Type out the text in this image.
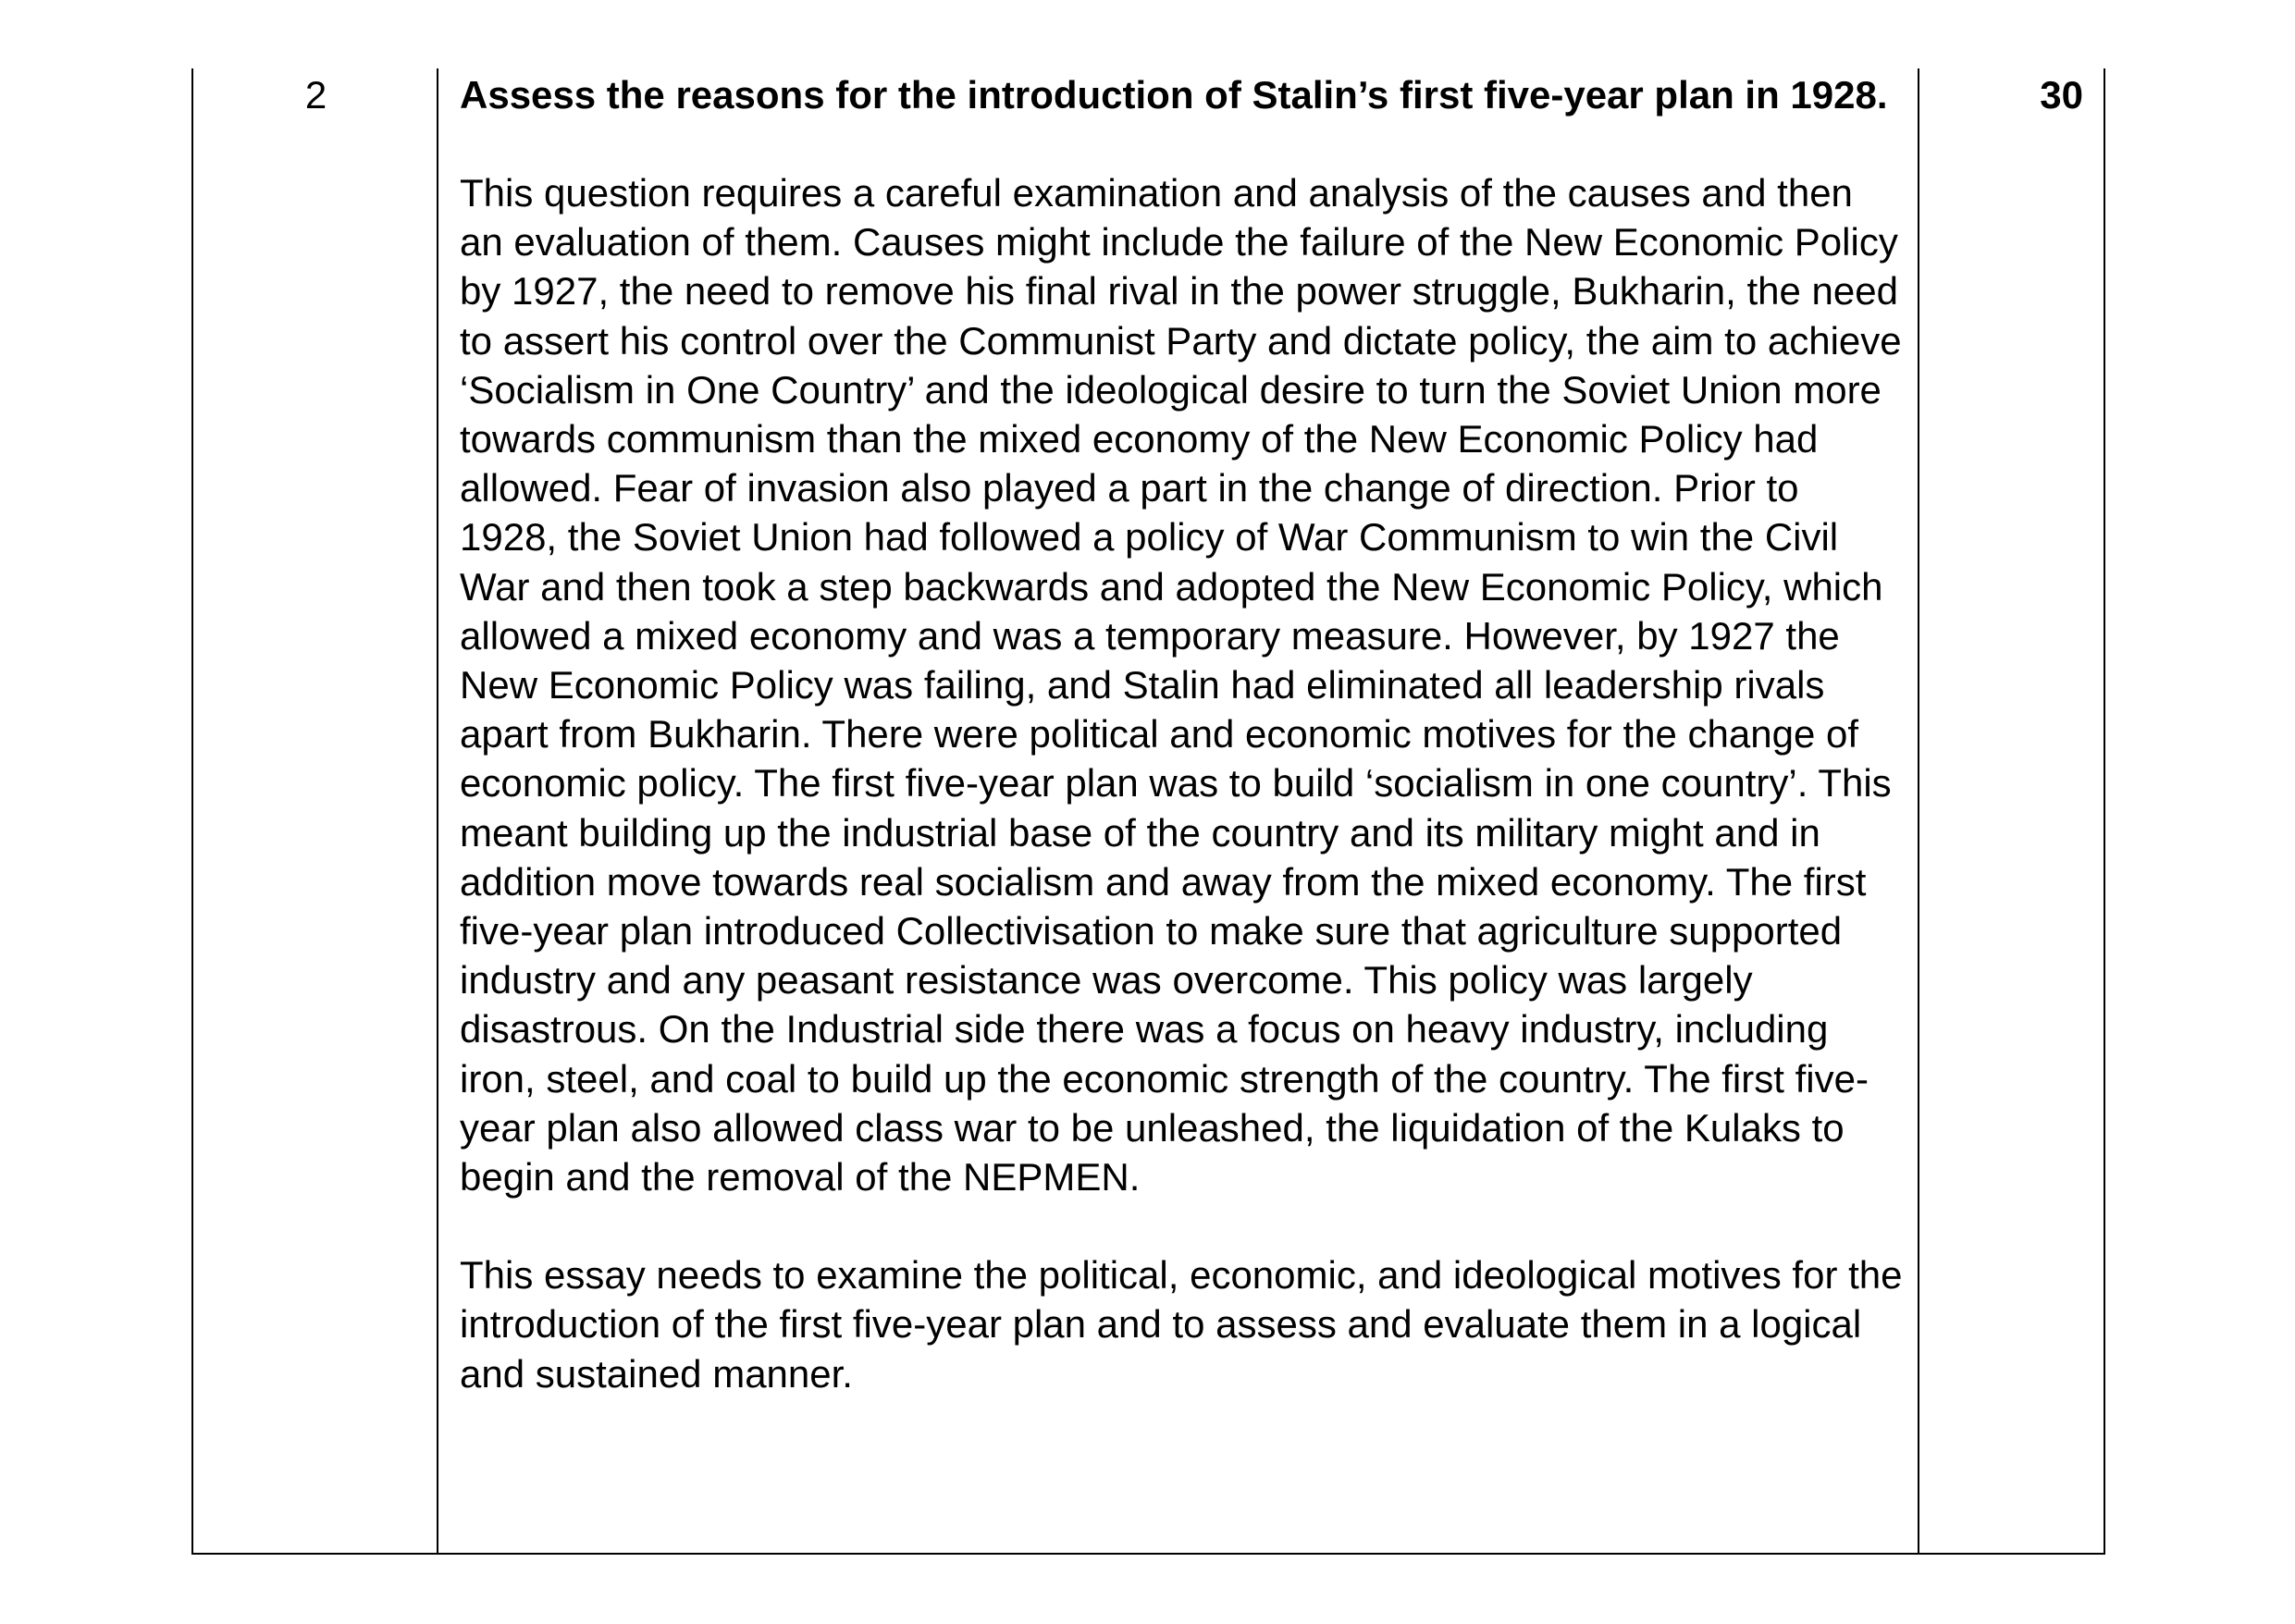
2	Assess the reasons for the introduction of Stalin’s first five-year plan in 1928.

This question requires a careful examination and analysis of the causes and then an evaluation of them. Causes might include the failure of the New Economic Policy by 1927, the need to remove his final rival in the power struggle, Bukharin, the need to assert his control over the Communist Party and dictate policy, the aim to achieve ‘Socialism in One Country’ and the ideological desire to turn the Soviet Union more towards communism than the mixed economy of the New Economic Policy had allowed. Fear of invasion also played a part in the change of direction. Prior to 1928, the Soviet Union had followed a policy of War Communism to win the Civil War and then took a step backwards and adopted the New Economic Policy, which allowed a mixed economy and was a temporary measure. However, by 1927 the New Economic Policy was failing, and Stalin had eliminated all leadership rivals apart from Bukharin. There were political and economic motives for the change of economic policy. The first five-year plan was to build ‘socialism in one country’. This meant building up the industrial base of the country and its military might and in addition move towards real socialism and away from the mixed economy. The first five-year plan introduced Collectivisation to make sure that agriculture supported industry and any peasant resistance was overcome. This policy was largely disastrous. On the Industrial side there was a focus on heavy industry, including iron, steel, and coal to build up the economic strength of the country. The first five-year plan also allowed class war to be unleashed, the liquidation of the Kulaks to begin and the removal of the NEPMEN.

This essay needs to examine the political, economic, and ideological motives for the introduction of the first five-year plan and to assess and evaluate them in a logical and sustained manner.

30
